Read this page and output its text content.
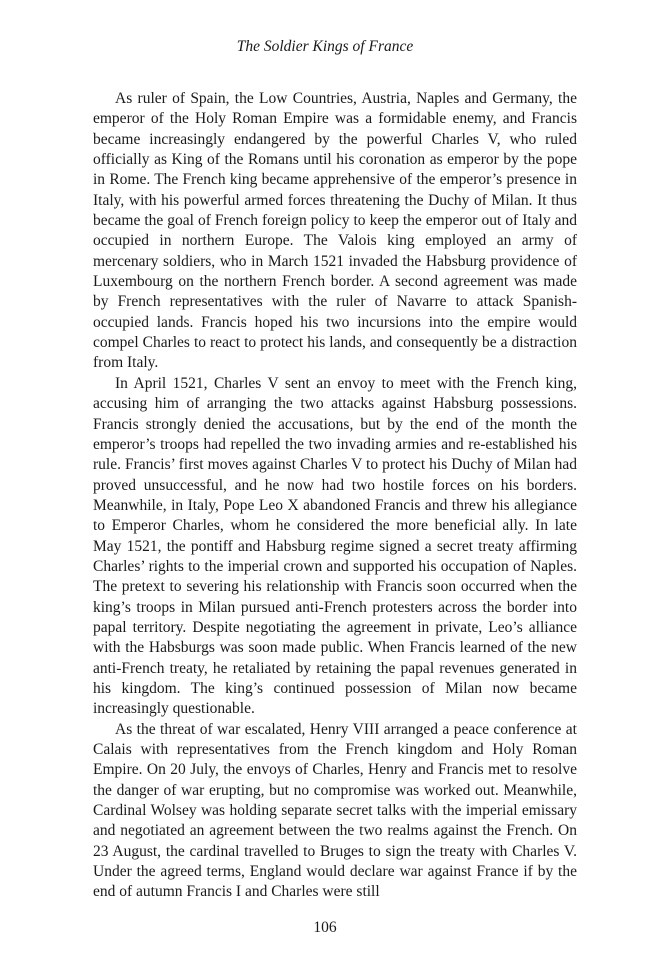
The Soldier Kings of France

As ruler of Spain, the Low Countries, Austria, Naples and Germany, the emperor of the Holy Roman Empire was a formidable enemy, and Francis became increasingly endangered by the powerful Charles V, who ruled officially as King of the Romans until his coronation as emperor by the pope in Rome. The French king became apprehensive of the emperor’s presence in Italy, with his powerful armed forces threatening the Duchy of Milan. It thus became the goal of French foreign policy to keep the emperor out of Italy and occupied in northern Europe. The Valois king employed an army of mercenary soldiers, who in March 1521 invaded the Habsburg providence of Luxembourg on the northern French border. A second agreement was made by French representatives with the ruler of Navarre to attack Spanish-occupied lands. Francis hoped his two incursions into the empire would compel Charles to react to protect his lands, and consequently be a distraction from Italy.

In April 1521, Charles V sent an envoy to meet with the French king, accusing him of arranging the two attacks against Habsburg possessions. Francis strongly denied the accusations, but by the end of the month the emperor’s troops had repelled the two invading armies and re-established his rule. Francis’ first moves against Charles V to protect his Duchy of Milan had proved unsuccessful, and he now had two hostile forces on his borders. Meanwhile, in Italy, Pope Leo X abandoned Francis and threw his allegiance to Emperor Charles, whom he considered the more beneficial ally. In late May 1521, the pontiff and Habsburg regime signed a secret treaty affirming Charles’ rights to the imperial crown and supported his occupation of Naples. The pretext to severing his relationship with Francis soon occurred when the king’s troops in Milan pursued anti-French protesters across the border into papal territory. Despite negotiating the agreement in private, Leo’s alliance with the Habsburgs was soon made public. When Francis learned of the new anti-French treaty, he retaliated by retaining the papal revenues generated in his kingdom. The king’s continued possession of Milan now became increasingly questionable.

As the threat of war escalated, Henry VIII arranged a peace conference at Calais with representatives from the French kingdom and Holy Roman Empire. On 20 July, the envoys of Charles, Henry and Francis met to resolve the danger of war erupting, but no compromise was worked out. Meanwhile, Cardinal Wolsey was holding separate secret talks with the imperial emissary and negotiated an agreement between the two realms against the French. On 23 August, the cardinal travelled to Bruges to sign the treaty with Charles V. Under the agreed terms, England would declare war against France if by the end of autumn Francis I and Charles were still

106
